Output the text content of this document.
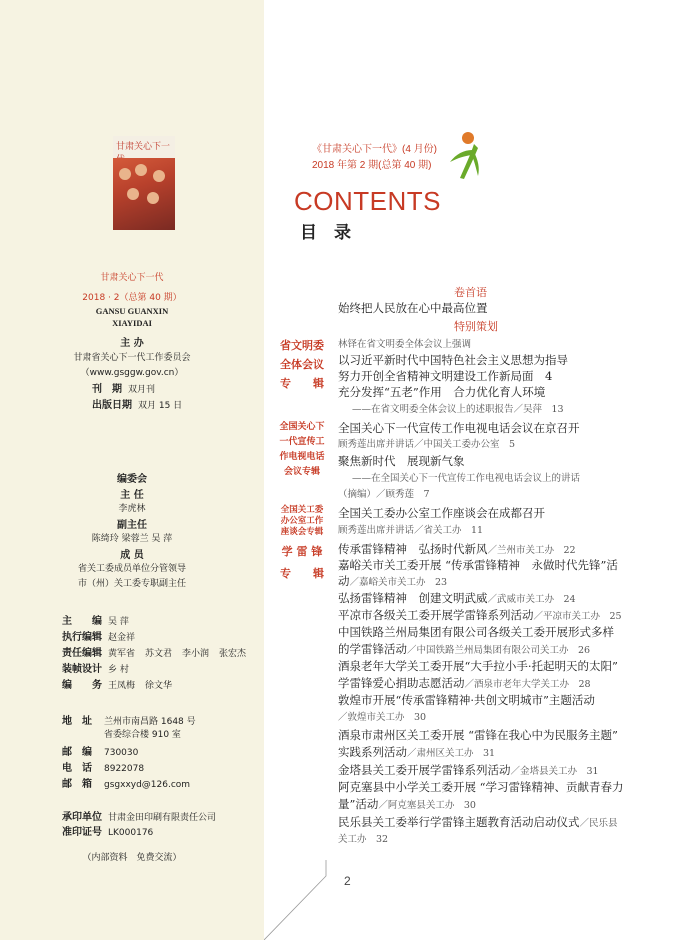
甘肃关心下一
甘肃关心下一代
2018 · 2（总第 40 期）
GANSU GUANXIN
XIAYIDAI
主 办
甘肃省关心下一代工作委员会
（www.gsggw.gov.cn）
刊　期 双月刊
出版日期 双月 15 日
编委会
主 任
李虎林
副主任
陈绮玲 梁蓉兰 吴 萍
成 员
省关工委成员单位分管领导
市（州）关工委专职副主任
主　　编 吴 萍
执行编辑 赵金祥
责任编辑 黄军省 苏文君 李小润 张宏杰
装帧设计 乡 村
编　　务 王凤梅 徐文华
地　址 兰州市南昌路 1648 号
省委综合楼 910 室
邮　编 730030
电　话 8922078
邮　箱 gsgxxyd@126.com
承印单位 甘肃金田印刷有限责任公司
准印证号 LK000176
（内部资料　免费交流）
《甘肃关心下一代》(4 月份)
2018 年第 2 期(总第 40 期)
CONTENTS
目　录
卷首语
始终把人民放在心中最高位置
特别策划
省文明委
全体会议
专　　辑
林铎在省文明委全体会议上强调
以习近平新时代中国特色社会主义思想为指导
努力开创全省精神文明建设工作新局面　4
充分发挥“五老”作用　合力优化育人环境
——在省文明委全体会议上的述职报告／吴萍　13
全国关心下
一代宣传工
作电视电话
会议专辑
全国关心下一代宣传工作电视电话会议在京召开
顾秀莲出席并讲话／中国关工委办公室　5
聚焦新时代　展现新气象
——在全国关心下一代宣传工作电视电话会议上的讲话
（摘编）／顾秀莲　7
全国关工委
办公室工作
座谈会专辑
全国关工委办公室工作座谈会在成都召开
顾秀莲出席并讲话／省关工办　11
学 雷 锋
专　　辑
传承雷锋精神　弘扬时代新风／兰州市关工办　22
嘉峪关市关工委开展 “传承雷锋精神　永做时代先锋”活
动／嘉峪关市关工办　23
弘扬雷锋精神　创建文明武威／武威市关工办　24
平凉市各级关工委开展学雷锋系列活动／平凉市关工办　25
中国铁路兰州局集团有限公司各级关工委开展形式多样
的学雷锋活动／中国铁路兰州局集团有限公司关工办　26
酒泉老年大学关工委开展“大手拉小手·托起明天的太阳”
学雷锋爱心捐助志愿活动／酒泉市老年大学关工办　28
敦煌市开展“传承雷锋精神·共创文明城市”主题活动
／敦煌市关工办　30
酒泉市肃州区关工委开展 “雷锋在我心中为民服务主题”
实践系列活动／肃州区关工办　31
金塔县关工委开展学雷锋系列活动／金塔县关工办　31
阿克塞县中小学关工委开展 “学习雷锋精神、贡献青春力
量”活动／阿克塞县关工办　30
民乐县关工委举行学雷锋主题教育活动启动仪式／民乐县
关工办　32
2
